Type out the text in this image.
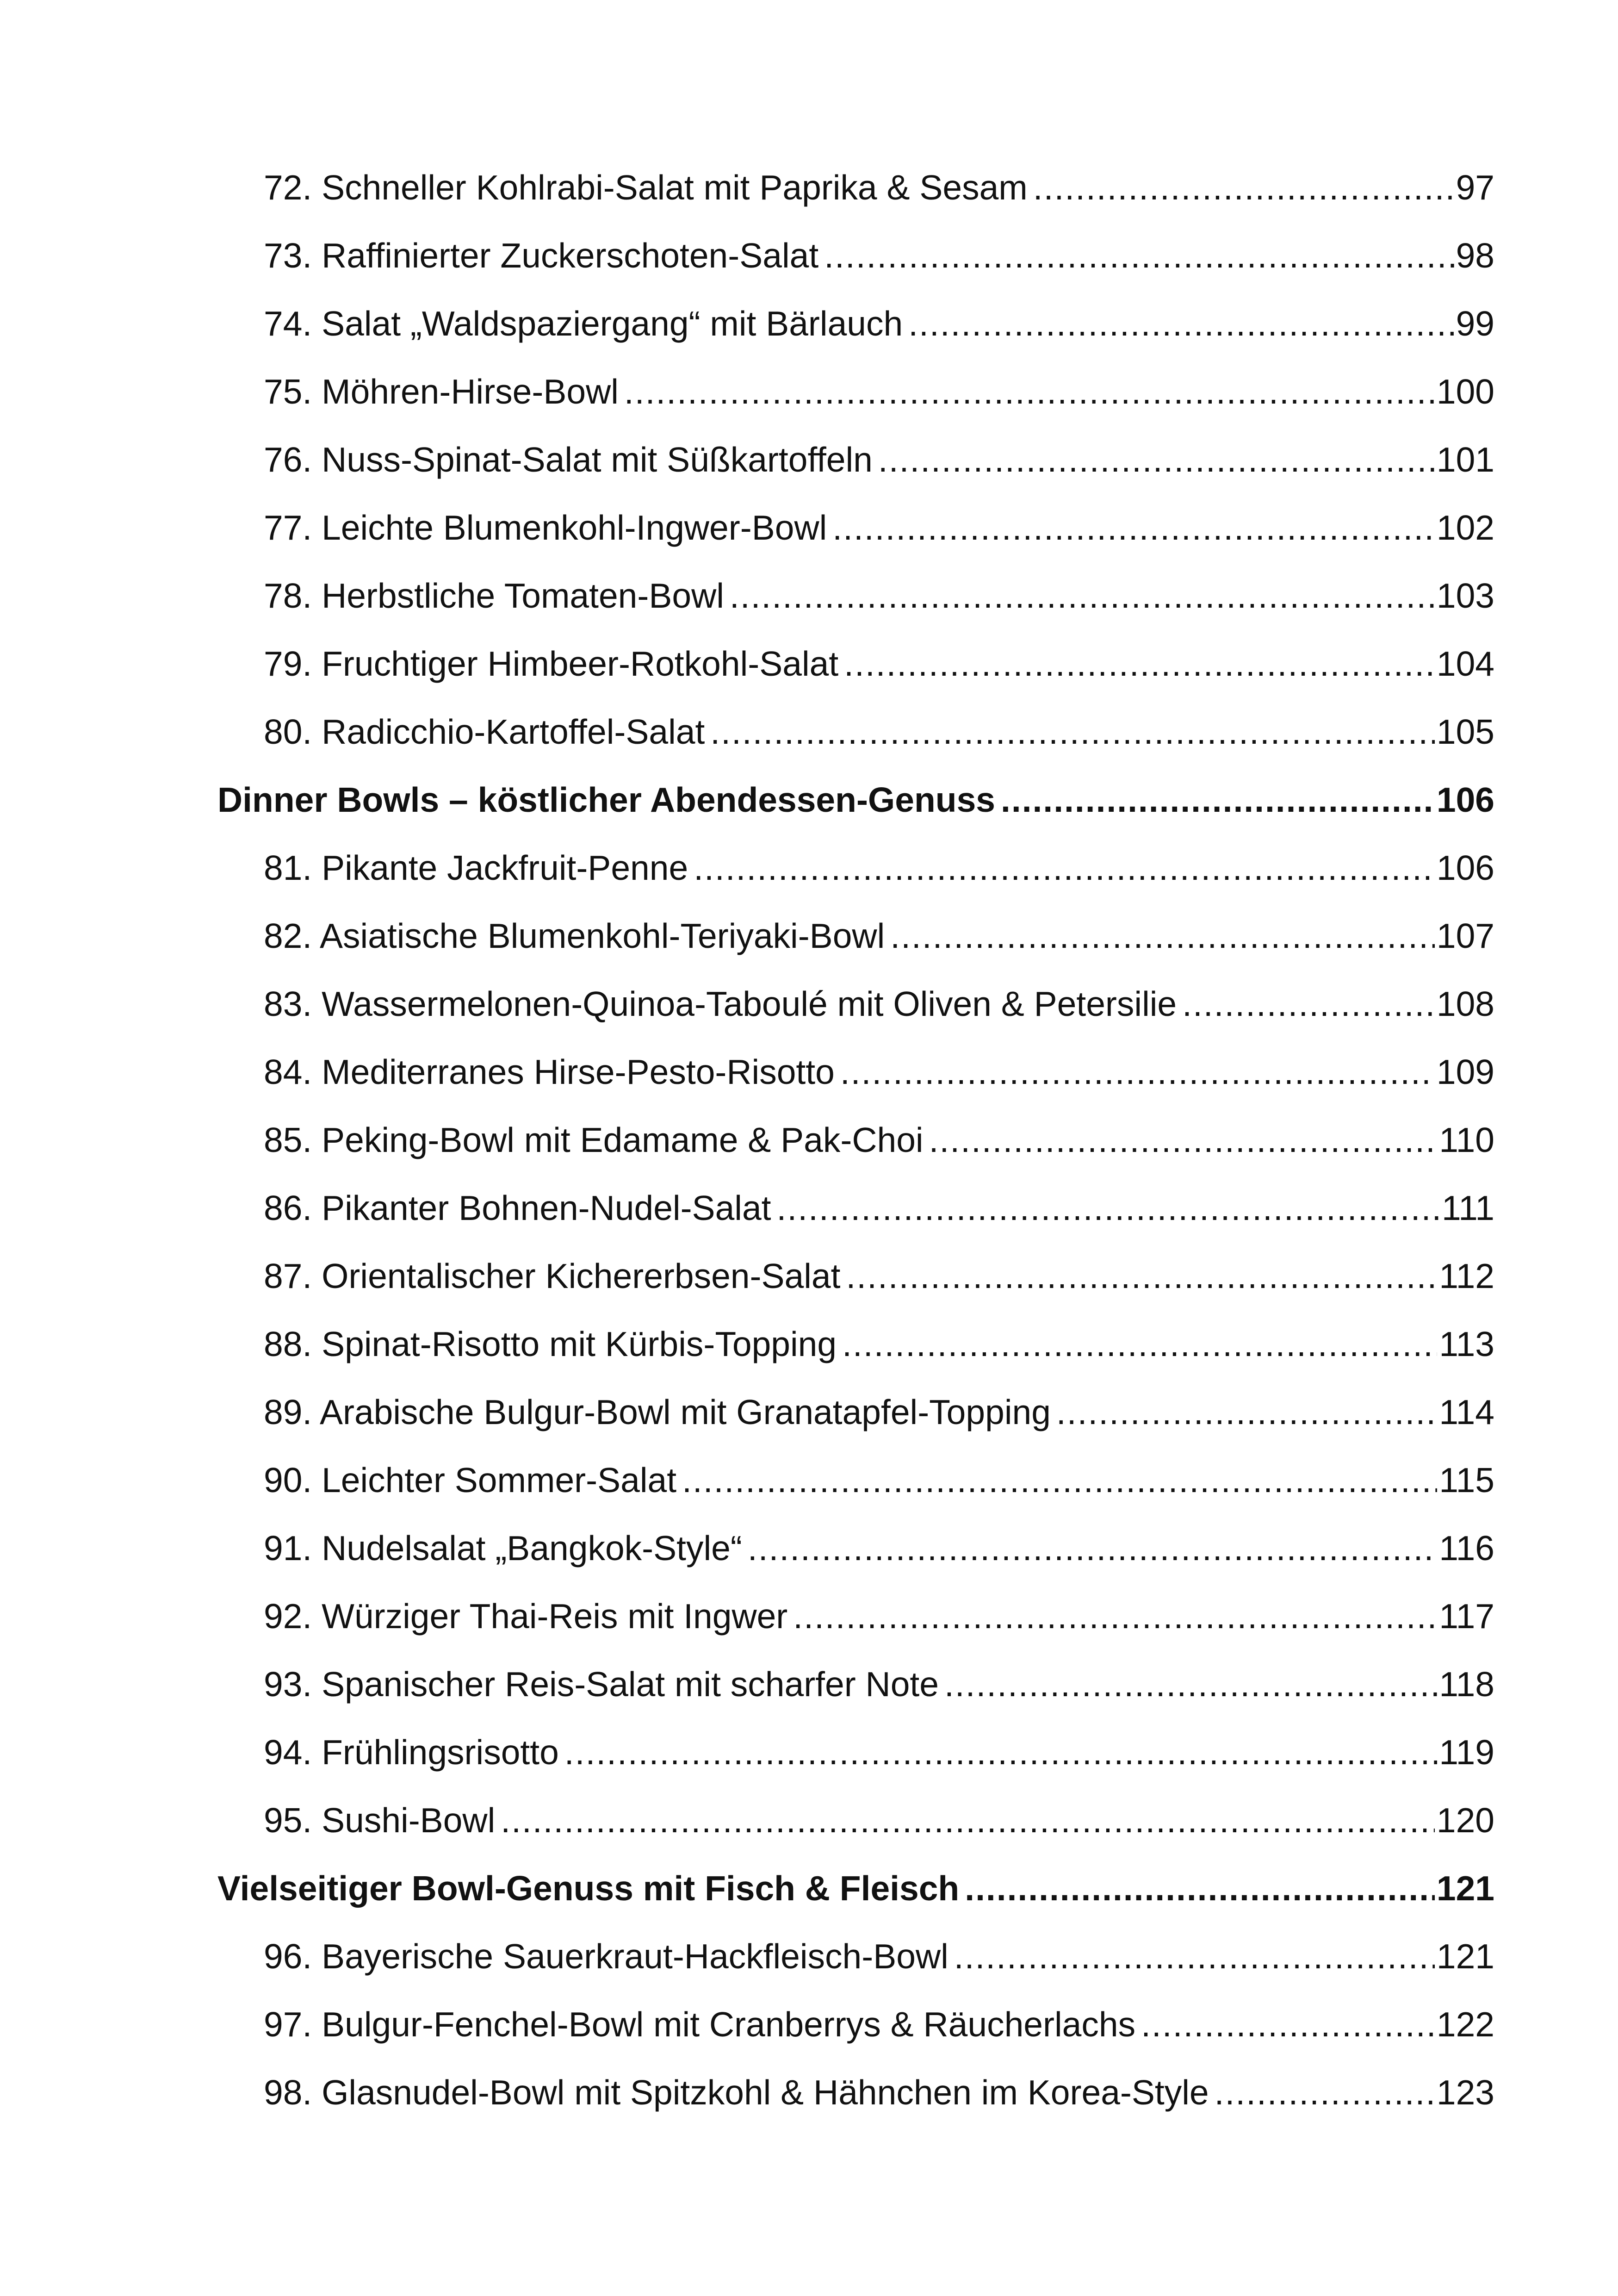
72. Schneller Kohlrabi-Salat mit Paprika & Sesam .....	97
73. Raffinierter Zuckerschoten-Salat .....	98
74. Salat „Waldspaziergang“ mit Bärlauch .....	99
75. Möhren-Hirse-Bowl .....	100
76. Nuss-Spinat-Salat mit Süßkartoffeln .....	101
77. Leichte Blumenkohl-Ingwer-Bowl .....	102
78. Herbstliche Tomaten-Bowl .....	103
79. Fruchtiger Himbeer-Rotkohl-Salat .....	104
80. Radicchio-Kartoffel-Salat .....	105
Dinner Bowls – köstlicher Abendessen-Genuss .....	106
81. Pikante Jackfruit-Penne .....	106
82. Asiatische Blumenkohl-Teriyaki-Bowl .....	107
83. Wassermelonen-Quinoa-Taboulé mit Oliven & Petersilie .....	108
84. Mediterranes Hirse-Pesto-Risotto .....	109
85. Peking-Bowl mit Edamame & Pak-Choi .....	110
86. Pikanter Bohnen-Nudel-Salat .....	111
87. Orientalischer Kichererbsen-Salat .....	112
88. Spinat-Risotto mit Kürbis-Topping .....	113
89. Arabische Bulgur-Bowl mit Granatapfel-Topping .....	114
90. Leichter Sommer-Salat .....	115
91. Nudelsalat „Bangkok-Style“ .....	116
92. Würziger Thai-Reis mit Ingwer .....	117
93. Spanischer Reis-Salat mit scharfer Note .....	118
94. Frühlingsrisotto .....	119
95. Sushi-Bowl .....	120
Vielseitiger Bowl-Genuss mit Fisch & Fleisch .....	121
96. Bayerische Sauerkraut-Hackfleisch-Bowl .....	121
97. Bulgur-Fenchel-Bowl mit Cranberrys & Räucherlachs .....	122
98. Glasnudel-Bowl mit Spitzkohl & Hähnchen im Korea-Style .....	123
